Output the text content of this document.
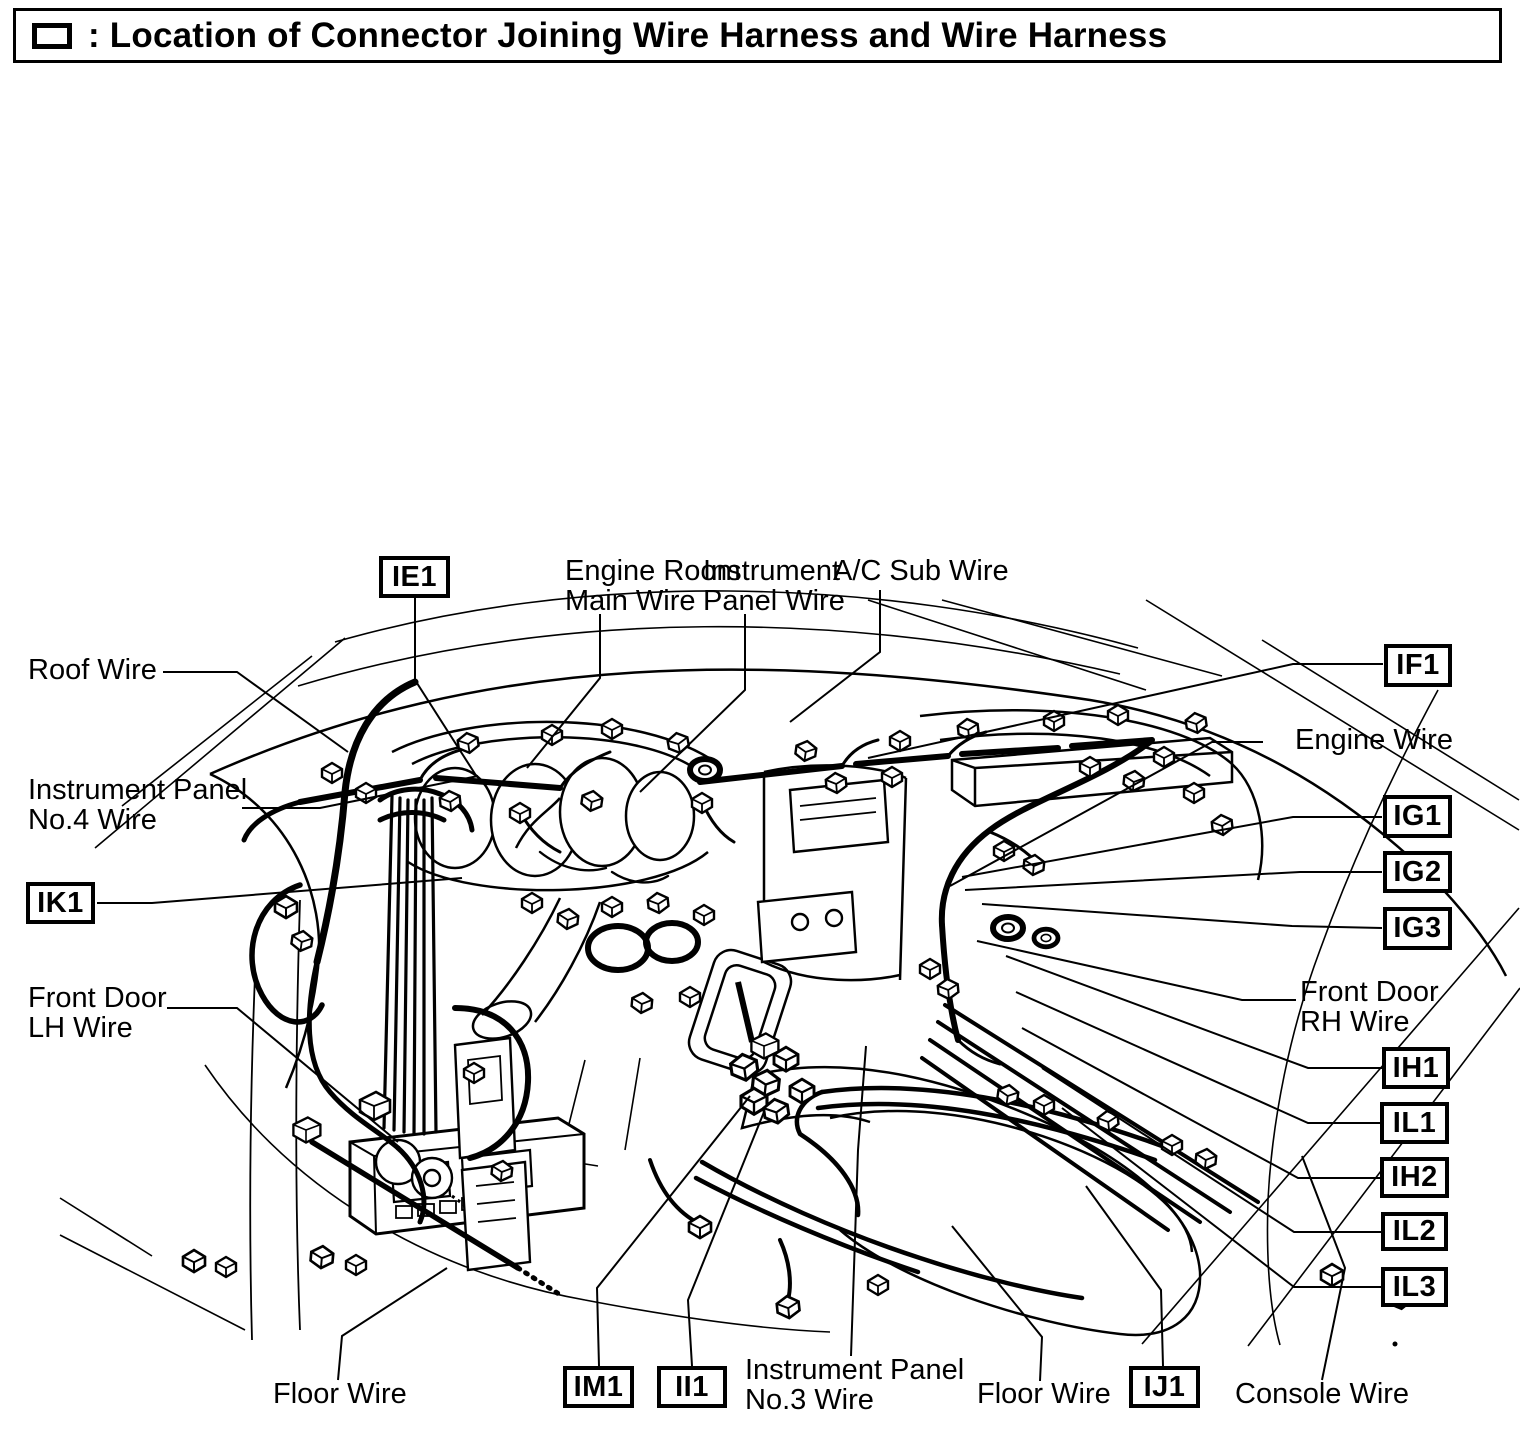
: Location of Connector Joining Wire Harness and Wire Harness
IE1
IF1
IG1
IG2
IG3
IK1
IH1
IL1
IH2
IL2
IL3
IM1	II1	IJ1
Roof Wire
Engine Room
Main Wire
Instrument
Panel Wire
A/C Sub Wire
Engine Wire
Instrument Panel
No.4 Wire
Front Door
LH Wire
Front Door
RH Wire
Floor Wire
Instrument Panel
No.3 Wire	Floor Wire	Console Wire
